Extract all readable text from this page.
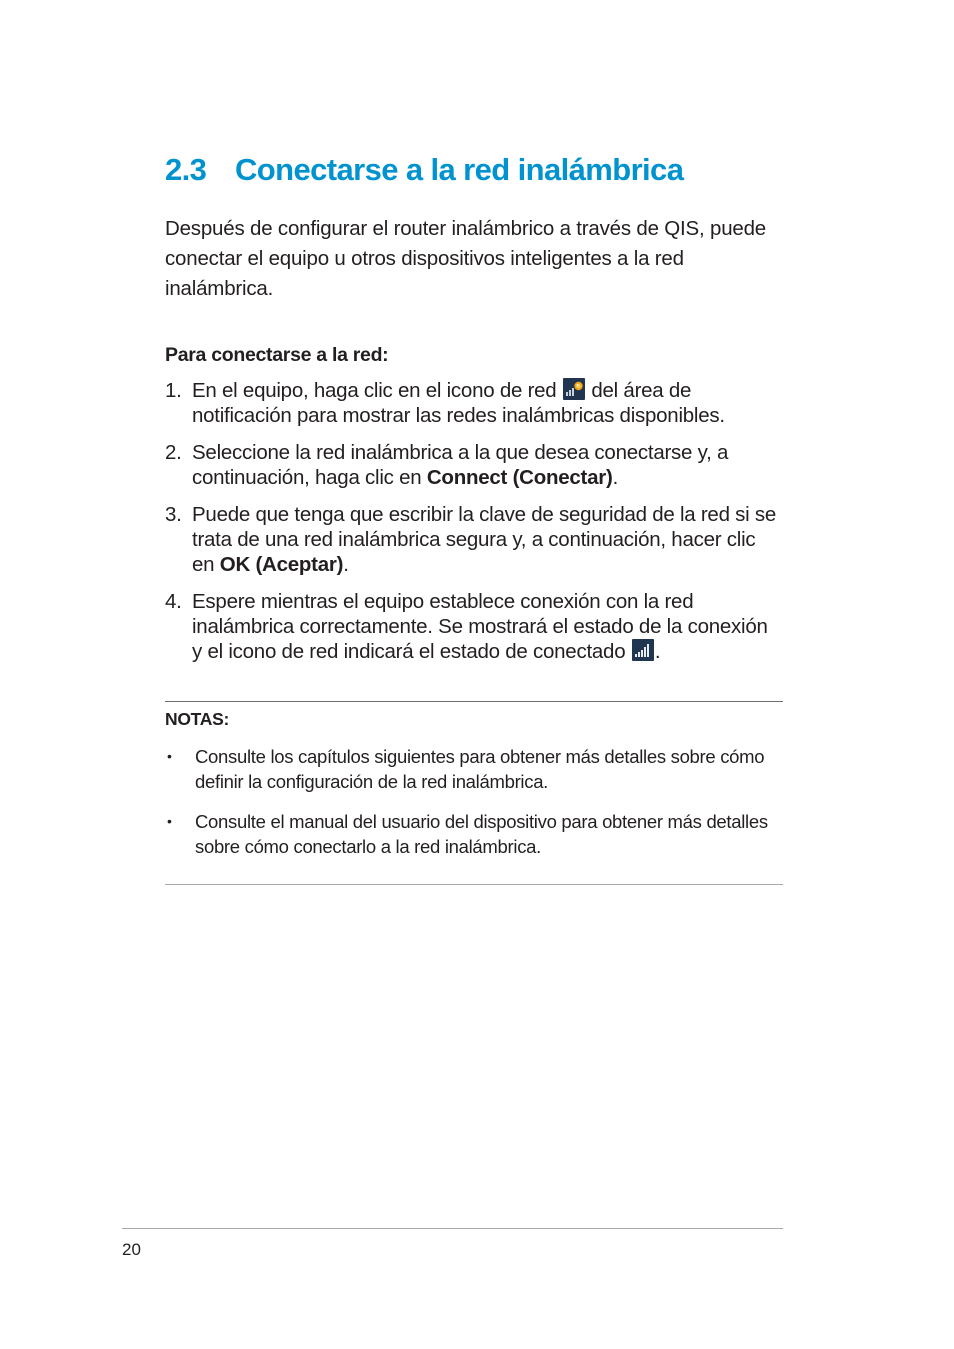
2.3 Conectarse a la red inalámbrica

Después de configurar el router inalámbrico a través de QIS, puede conectar el equipo u otros dispositivos inteligentes a la red inalámbrica.

Para conectarse a la red:
1. En el equipo, haga clic en el icono de red del área de notificación para mostrar las redes inalámbricas disponibles.
2. Seleccione la red inalámbrica a la que desea conectarse y, a continuación, haga clic en Connect (Conectar).
3. Puede que tenga que escribir la clave de seguridad de la red si se trata de una red inalámbrica segura y, a continuación, hacer clic en OK (Aceptar).
4. Espere mientras el equipo establece conexión con la red inalámbrica correctamente. Se mostrará el estado de la conexión y el icono de red indicará el estado de conectado .
NOTAS:
•	Consulte los capítulos siguientes para obtener más detalles sobre cómo definir la configuración de la red inalámbrica.
•	Consulte el manual del usuario del dispositivo para obtener más detalles sobre cómo conectarlo a la red inalámbrica.
20
